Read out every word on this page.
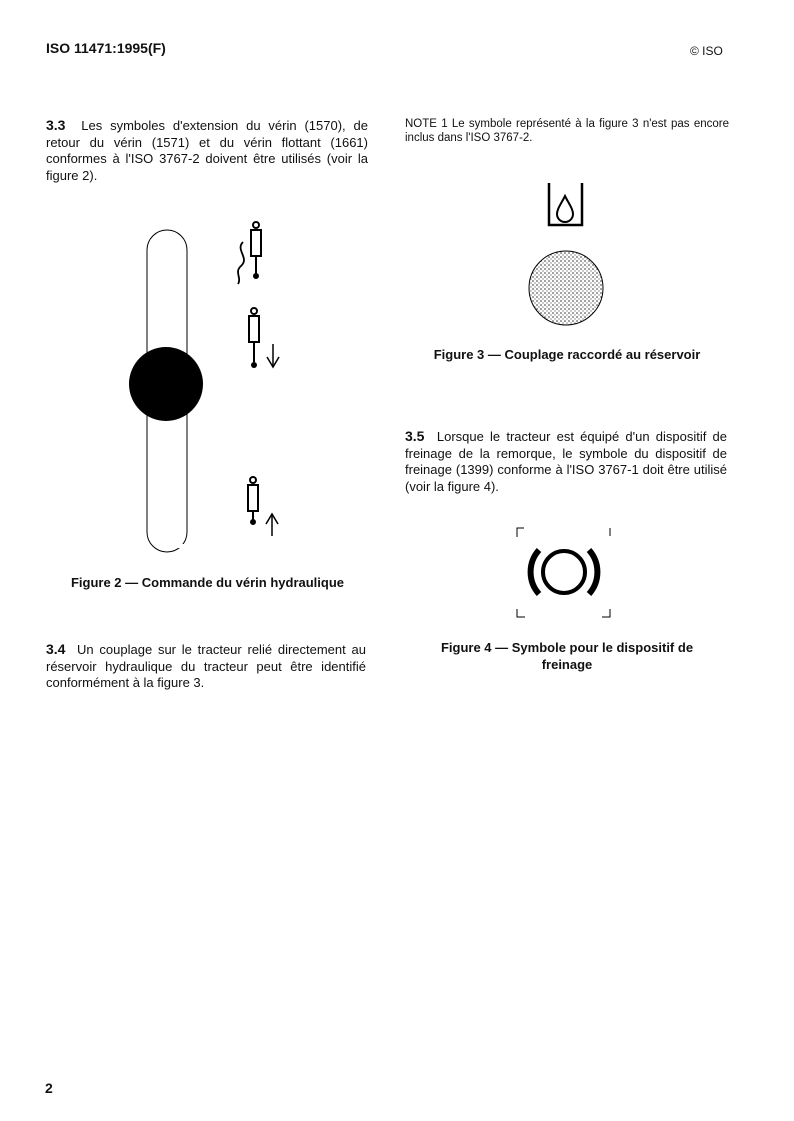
ISO 11471:1995(F)	© ISO
3.3 Les symboles d'extension du vérin (1570), de retour du vérin (1571) et du vérin flottant (1661) conformes à l'ISO 3767-2 doivent être utilisés (voir la figure 2).
Figure 2 — Commande du vérin hydraulique
3.4 Un couplage sur le tracteur relié directement au réservoir hydraulique du tracteur peut être identifié conformément à la figure 3.
NOTE 1 Le symbole représenté à la figure 3 n'est pas encore inclus dans l'ISO 3767-2.
Figure 3 — Couplage raccordé au réservoir
3.5 Lorsque le tracteur est équipé d'un dispositif de freinage de la remorque, le symbole du dispositif de freinage (1399) conforme à l'ISO 3767-1 doit être utilisé (voir la figure 4).
Figure 4 — Symbole pour le dispositif de
freinage
2
